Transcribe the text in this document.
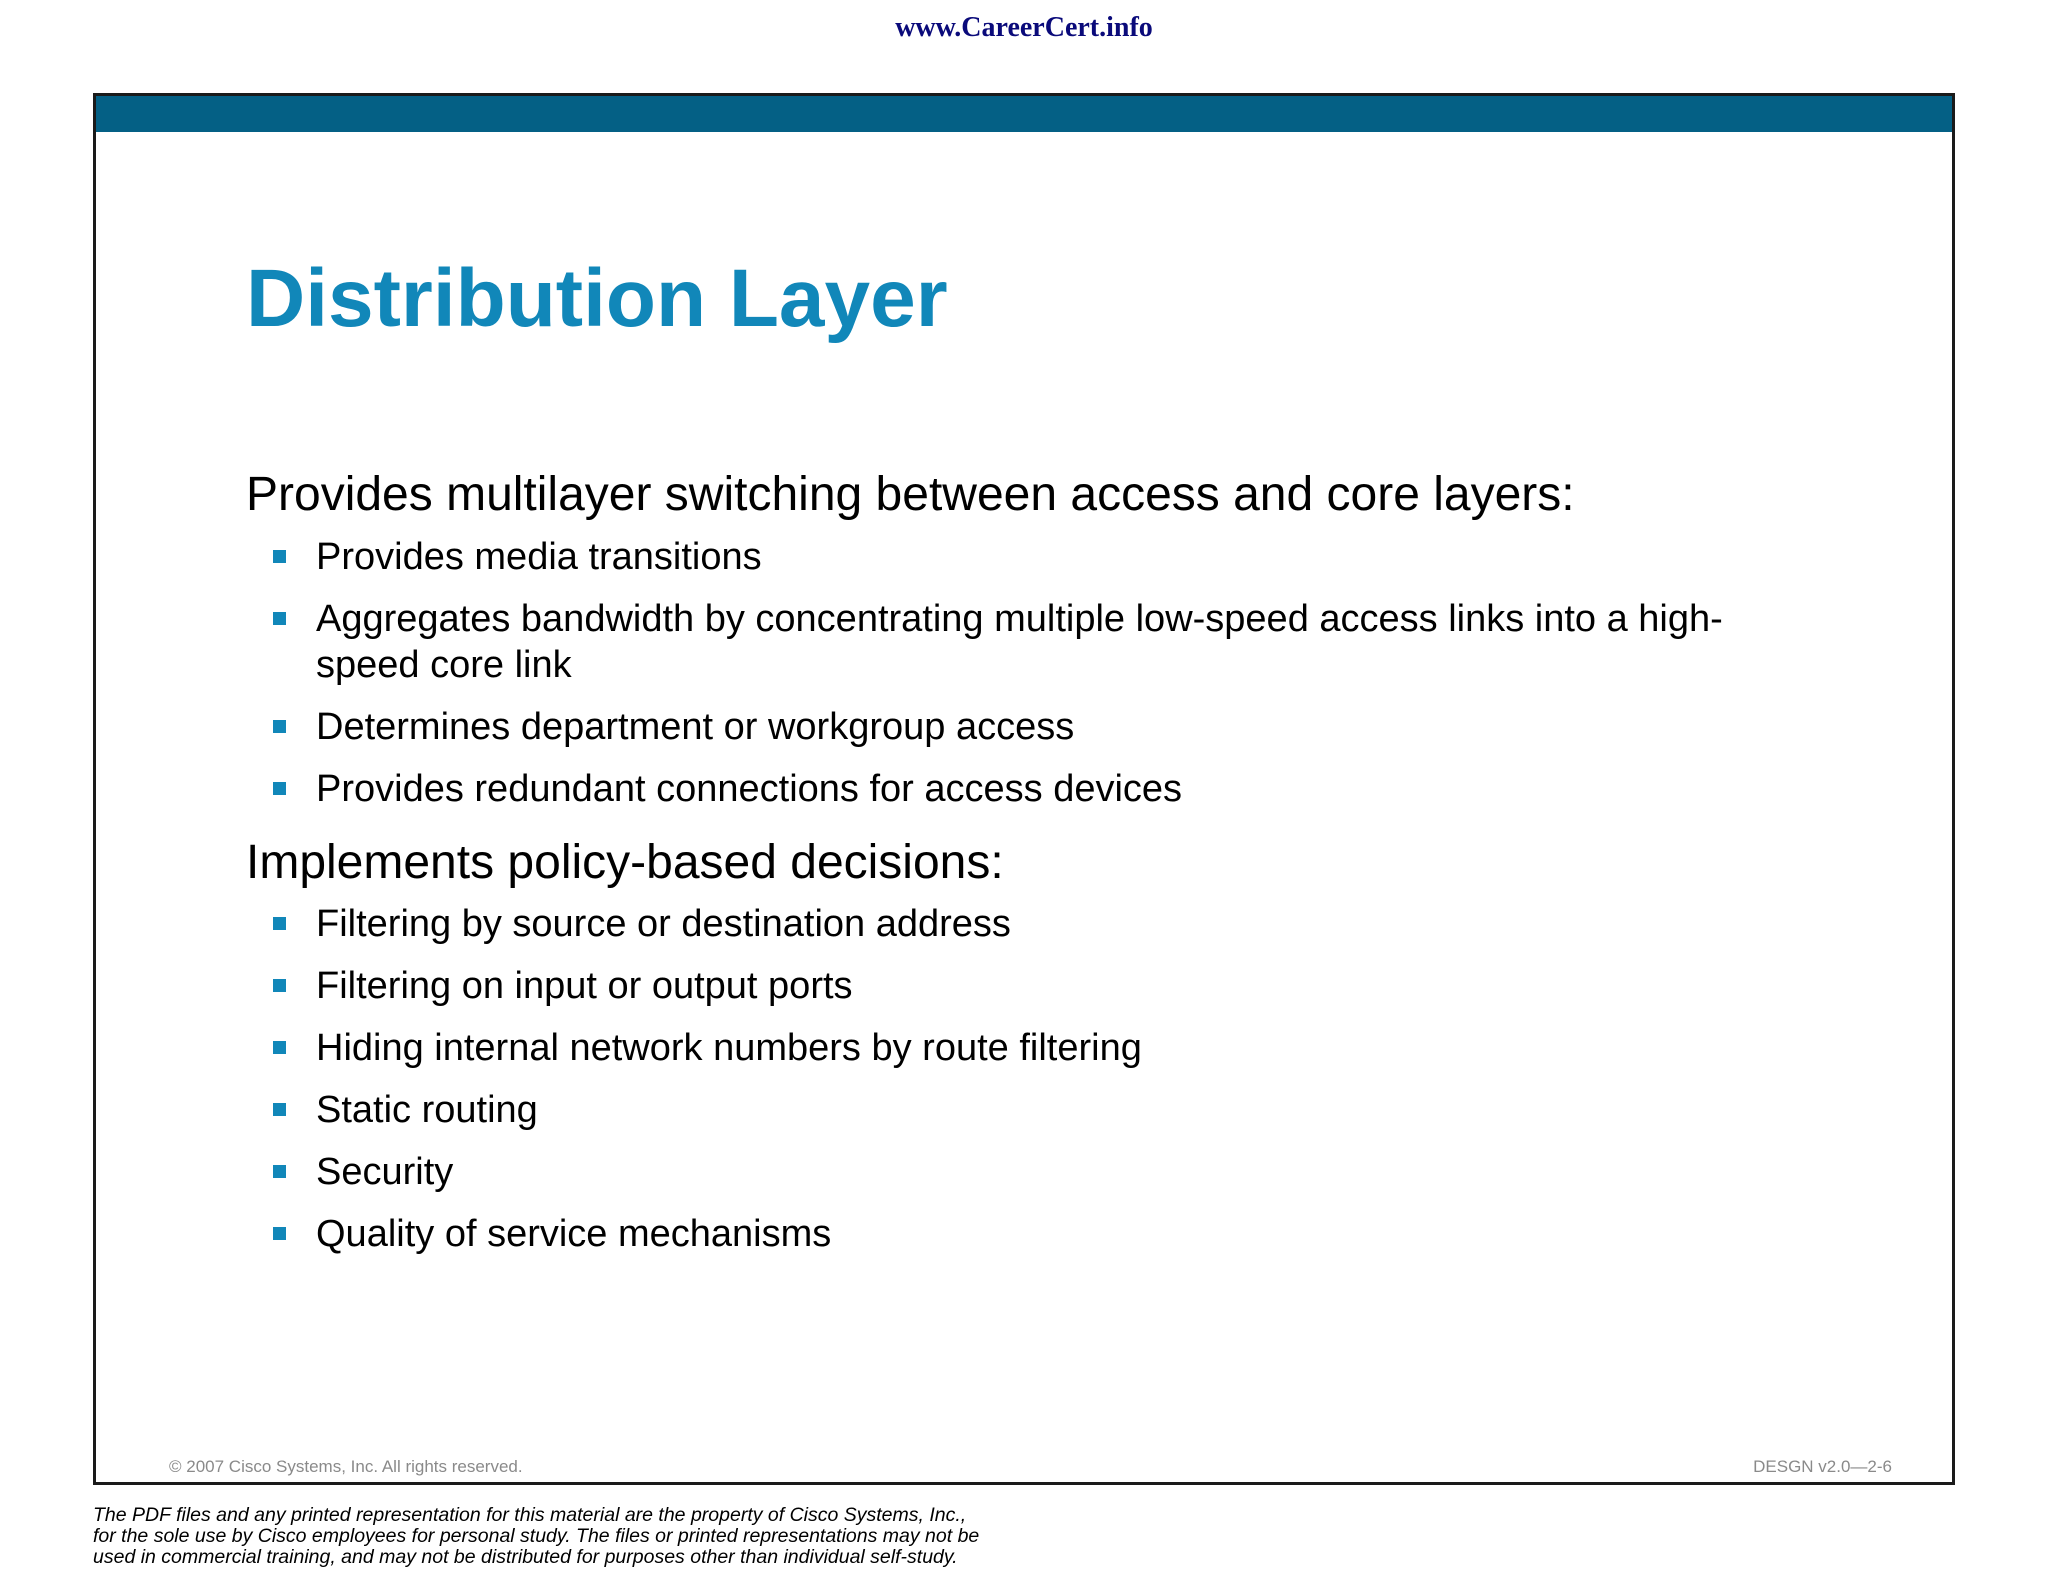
www.CareerCert.info
Distribution Layer

Provides multilayer switching between access and core layers:

Provides media transitions
Aggregates bandwidth by concentrating multiple low-speed access links into a high-speed core link
Determines department or workgroup access
Provides redundant connections for access devices

Implements policy-based decisions:

Filtering by source or destination address
Filtering on input or output ports
Hiding internal network numbers by route filtering
Static routing
Security
Quality of service mechanisms
© 2007 Cisco Systems, Inc. All rights reserved.	DESGN v2.0—2-6
The PDF files and any printed representation for this material are the property of Cisco Systems, Inc.,
for the sole use by Cisco employees for personal study. The files or printed representations may not be
used in commercial training, and may not be distributed for purposes other than individual self-study.
